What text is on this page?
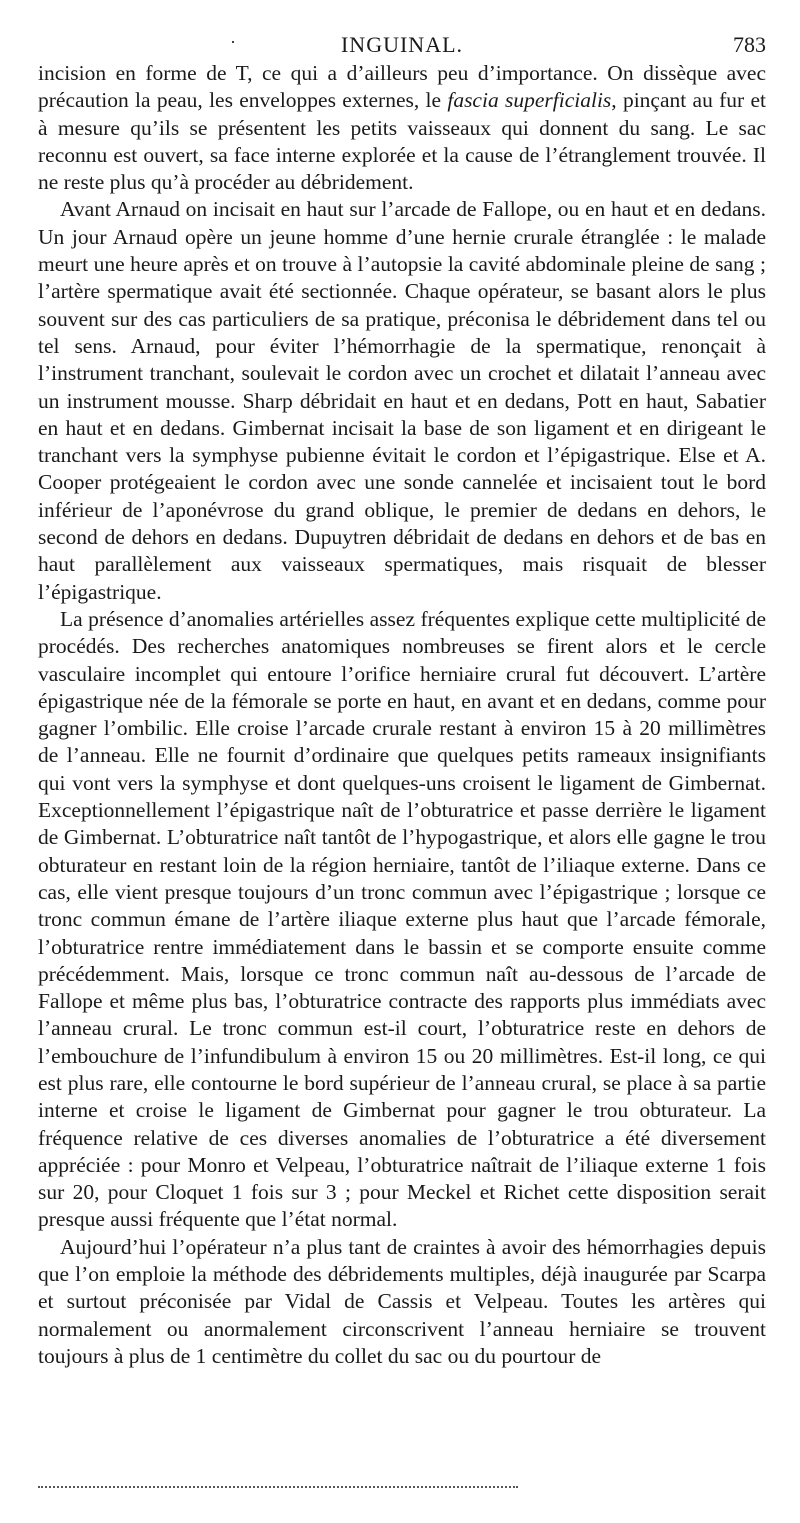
·	INGUINAL.	783

incision en forme de T, ce qui a d’ailleurs peu d’importance. On dissèque avec précaution la peau, les enveloppes externes, le fascia superficialis, pinçant au fur et à mesure qu’ils se présentent les petits vaisseaux qui donnent du sang. Le sac reconnu est ouvert, sa face interne explorée et la cause de l’étranglement trouvée. Il ne reste plus qu’à procéder au débridement.

Avant Arnaud on incisait en haut sur l’arcade de Fallope, ou en haut et en dedans. Un jour Arnaud opère un jeune homme d’une hernie crurale étranglée : le malade meurt une heure après et on trouve à l’autopsie la cavité abdominale pleine de sang ; l’artère spermatique avait été sectionnée. Chaque opérateur, se basant alors le plus souvent sur des cas particuliers de sa pratique, préconisa le débridement dans tel ou tel sens. Arnaud, pour éviter l’hémorrhagie de la spermatique, renonçait à l’instrument tranchant, soulevait le cordon avec un crochet et dilatait l’anneau avec un instrument mousse. Sharp débridait en haut et en dedans, Pott en haut, Sabatier en haut et en dedans. Gimbernat incisait la base de son ligament et en dirigeant le tranchant vers la symphyse pubienne évitait le cordon et l’épigastrique. Else et A. Cooper protégeaient le cordon avec une sonde cannelée et incisaient tout le bord inférieur de l’aponévrose du grand oblique, le premier de dedans en dehors, le second de dehors en dedans. Dupuytren débridait de dedans en dehors et de bas en haut parallèlement aux vaisseaux spermatiques, mais risquait de blesser l’épigastrique.

La présence d’anomalies artérielles assez fréquentes explique cette multiplicité de procédés. Des recherches anatomiques nombreuses se firent alors et le cercle vasculaire incomplet qui entoure l’orifice herniaire crural fut découvert. L’artère épigastrique née de la fémorale se porte en haut, en avant et en dedans, comme pour gagner l’ombilic. Elle croise l’arcade crurale restant à environ 15 à 20 millimètres de l’anneau. Elle ne fournit d’ordinaire que quelques petits rameaux insignifiants qui vont vers la symphyse et dont quelques-uns croisent le ligament de Gimbernat. Exceptionnellement l’épigastrique naît de l’obturatrice et passe derrière le ligament de Gimbernat. L’obturatrice naît tantôt de l’hypogastrique, et alors elle gagne le trou obturateur en restant loin de la région herniaire, tantôt de l’iliaque externe. Dans ce cas, elle vient presque toujours d’un tronc commun avec l’épigastrique ; lorsque ce tronc commun émane de l’artère iliaque externe plus haut que l’arcade fémorale, l’obturatrice rentre immédiatement dans le bassin et se comporte ensuite comme précédemment. Mais, lorsque ce tronc commun naît au-dessous de l’arcade de Fallope et même plus bas, l’obturatrice contracte des rapports plus immédiats avec l’anneau crural. Le tronc commun est-il court, l’obturatrice reste en dehors de l’embouchure de l’infundibulum à environ 15 ou 20 millimètres. Est-il long, ce qui est plus rare, elle contourne le bord supérieur de l’anneau crural, se place à sa partie interne et croise le ligament de Gimbernat pour gagner le trou obturateur. La fréquence relative de ces diverses anomalies de l’obturatrice a été diversement appréciée : pour Monro et Velpeau, l’obturatrice naîtrait de l’iliaque externe 1 fois sur 20, pour Cloquet 1 fois sur 3 ; pour Meckel et Richet cette disposition serait presque aussi fréquente que l’état normal.

Aujourd’hui l’opérateur n’a plus tant de craintes à avoir des hémorrhagies depuis que l’on emploie la méthode des débridements multiples, déjà inaugurée par Scarpa et surtout préconisée par Vidal de Cassis et Velpeau. Toutes les artères qui normalement ou anormalement circonscrivent l’anneau herniaire se trouvent toujours à plus de 1 centimètre du collet du sac ou du pourtour de
